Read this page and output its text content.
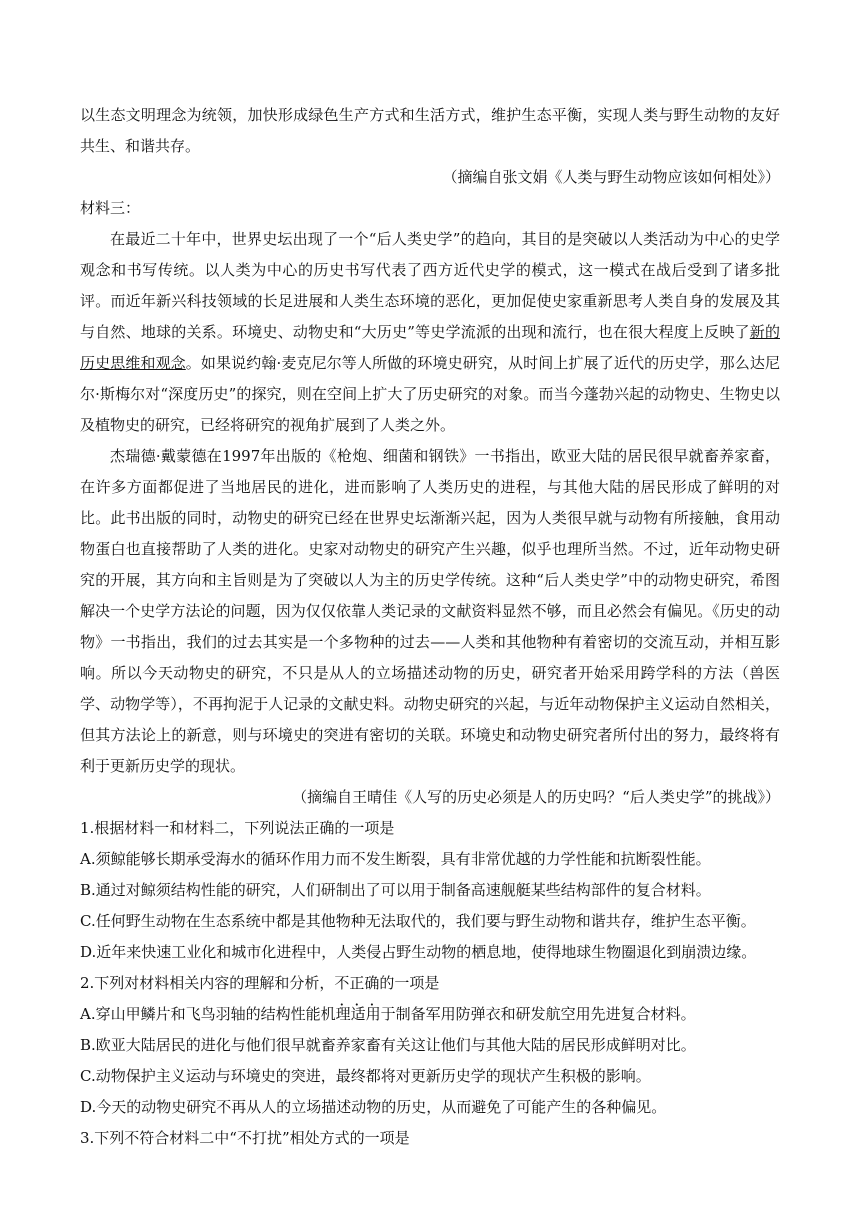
以生态文明理念为统领，加快形成绿色生产方式和生活方式，维护生态平衡，实现人类与野生动物的友好共生、和谐共存。

（摘编自张文娟《人类与野生动物应该如何相处》）

材料三：

在最近二十年中，世界史坛出现了一个“后人类史学”的趋向，其目的是突破以人类活动为中心的史学观念和书写传统。以人类为中心的历史书写代表了西方近代史学的模式，这一模式在战后受到了诸多批评。而近年新兴科技领域的长足进展和人类生态环境的恶化，更加促使史家重新思考人类自身的发展及其与自然、地球的关系。环境史、动物史和“大历史”等史学流派的出现和流行，也在很大程度上反映了新的历史思维和观念。如果说约翰·麦克尼尔等人所做的环境史研究，从时间上扩展了近代的历史学，那么达尼尔·斯梅尔对“深度历史”的探究，则在空间上扩大了历史研究的对象。而当今蓬勃兴起的动物史、生物史以及植物史的研究，已经将研究的视角扩展到了人类之外。

杰瑞德·戴蒙德在1997年出版的《枪炮、细菌和钢铁》一书指出，欧亚大陆的居民很早就畜养家畜，在许多方面都促进了当地居民的进化，进而影响了人类历史的进程，与其他大陆的居民形成了鲜明的对比。此书出版的同时，动物史的研究已经在世界史坛渐渐兴起，因为人类很早就与动物有所接触，食用动物蛋白也直接帮助了人类的进化。史家对动物史的研究产生兴趣，似乎也理所当然。不过，近年动物史研究的开展，其方向和主旨则是为了突破以人为主的历史学传统。这种“后人类史学”中的动物史研究，希图解决一个史学方法论的问题，因为仅仅依靠人类记录的文献资料显然不够，而且必然会有偏见。《历史的动物》一书指出，我们的过去其实是一个多物种的过去——人类和其他物种有着密切的交流互动，并相互影响。所以今天动物史的研究，不只是从人的立场描述动物的历史，研究者开始采用跨学科的方法（兽医学、动物学等），不再拘泥于人记录的文献史料。动物史研究的兴起，与近年动物保护主义运动自然相关，但其方法论上的新意，则与环境史的突进有密切的关联。环境史和动物史研究者所付出的努力，最终将有利于更新历史学的现状。

（摘编自王晴佳《人写的历史必须是人的历史吗？“后人类史学”的挑战》）

1.根据材料一和材料二，下列说法正确的一项是

A.须鲸能够长期承受海水的循环作用力而不发生断裂，具有非常优越的力学性能和抗断裂性能。

B.通过对鲸须结构性能的研究，人们研制出了可以用于制备高速舰艇某些结构部件的复合材料。

C.任何野生动物在生态系统中都是其他物种无法取代的，我们要与野生动物和谐共存，维护生态平衡。

D.近年来快速工业化和城市化进程中，人类侵占野生动物的栖息地，使得地球生物圈退化到崩溃边缘。

2.下列对材料相关内容的理解和分析，不正确的一项是

A.穿山甲鳞片和飞鸟羽轴的结构性能机理适用于制备军用防弹衣和研发航空用先进复合材料。

B.欧亚大陆居民的进化与他们很早就畜养家畜有关这让他们与其他大陆的居民形成鲜明对比。

C.动物保护主义运动与环境史的突进，最终都将对更新历史学的现状产生积极的影响。

D.今天的动物史研究不再从人的立场描述动物的历史，从而避免了可能产生的各种偏见。

3.下列不符合材料二中“不打扰”相处方式的一项是
